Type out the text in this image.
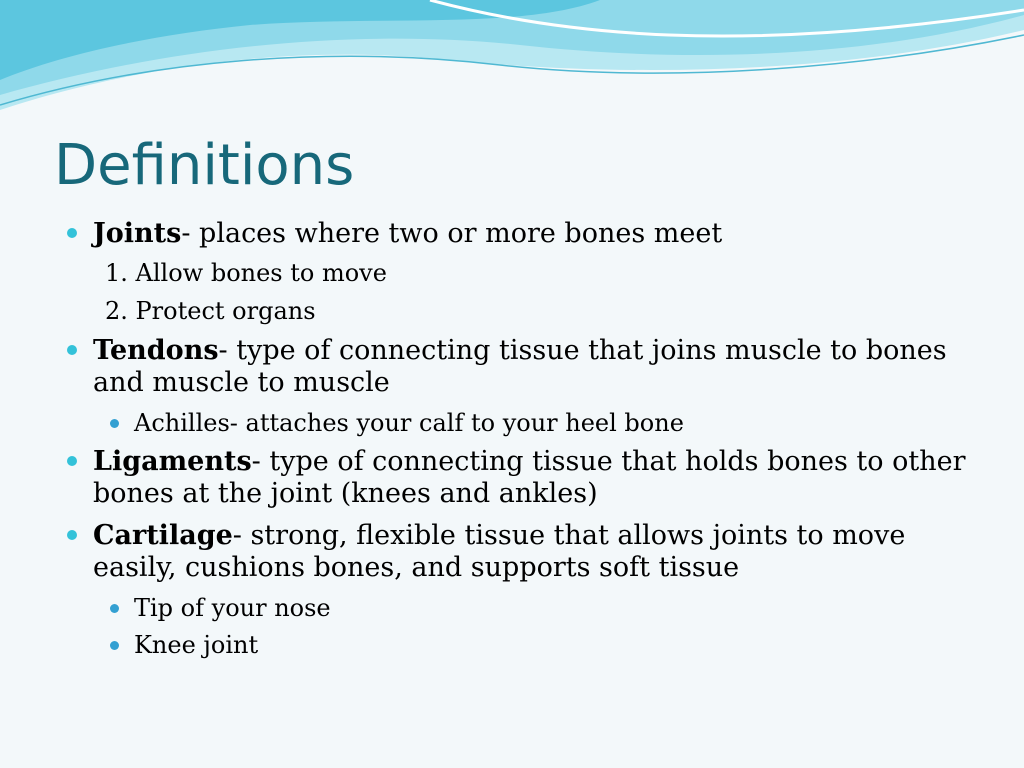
Definitions
Joints- places where two or more bones meet
1. Allow bones to move
2. Protect organs
Tendons- type of connecting tissue that joins muscle to bones and muscle to muscle
Achilles- attaches your calf to your heel bone
Ligaments- type of connecting tissue that holds bones to other bones at the joint (knees and ankles)
Cartilage- strong, flexible tissue that allows joints to move easily, cushions bones, and supports soft tissue
Tip of your nose
Knee joint
